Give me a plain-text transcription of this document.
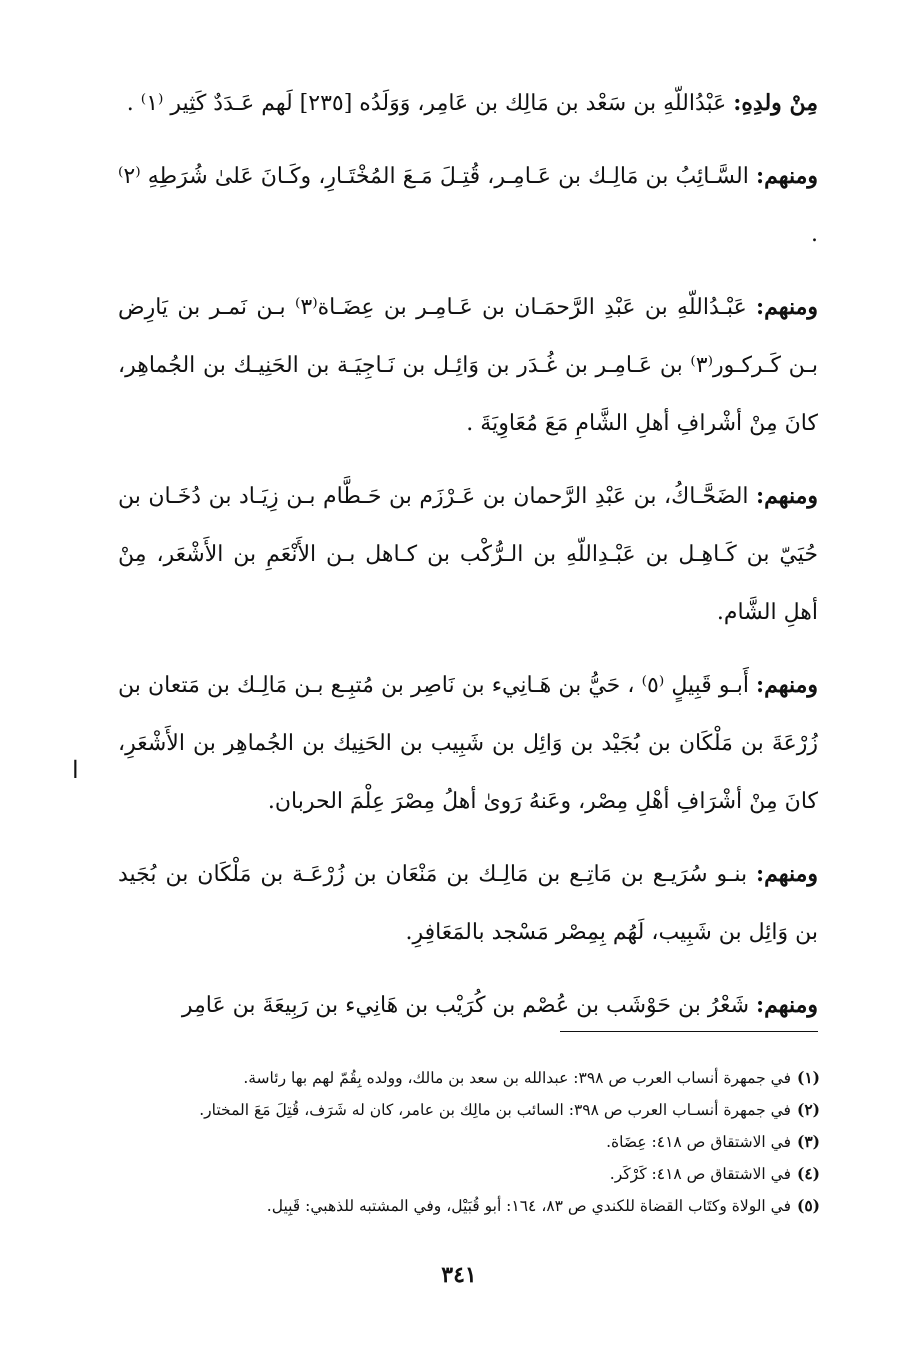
مِنْ ولدِهِ: عَبْدُاللّهِ بن سَعْد بن مَالِك بن عَامِر، وَوَلَدُه [٢٣٥] لَهم عَـدَدٌ كَثِير ⁽١⁾ .

ومنهم: السَّـائِبُ بن مَالِـك بن عَـامِـر، قُتِـلَ مَـعَ المُخْتَـارِ، وكَـانَ عَلىٰ شُرَطِهِ ⁽٢⁾ .

ومنهم: عَبْـدُاللّهِ بن عَبْدِ الرَّحمَـان بن عَـامِـر بن عِضَـاة⁽٣⁾ بـن نَمـر بن يَارِض بـن كَـركـور⁽٣⁾ بن عَـامِـر بن غُـدَر بن وَائِـل بن نَـاجِيَـة بن الحَنِيـك بن الجُماهِر، كانَ مِنْ أشْرافِ أهلِ الشَّامِ مَعَ مُعَاوِيَةَ .

ومنهم: الضَحَّـاكُ، بن عَبْدِ الرَّحمان بن عَـرْزَم بن حَـطَّام بـن زِيَـاد بن دُخَـان بن حُيَيّ بن كَـاهِـل بن عَبْـدِاللّهِ بن الـرُّكْب بن كـاهل بـن الأَنْعَمِ بن الأَشْعَر، مِنْ أهلِ الشَّام.

ومنهم: أَبـو قَبِيلٍ ⁽٥⁾ ، حَيُّ بن هَـانِيء بن نَاصِر بن مُتبِـع بـن مَالِـك بن مَتعان بن زُرْعَةَ بن مَلْكَان بن بُجَيْد بن وَائِل بن شَبِيب بن الحَنِيك بن الجُماهِر بن الأَشْعَرِ، كانَ مِنْ أشْرَافِ أهْلِ مِصْر، وعَنهُ رَوىٰ أهلُ مِصْرَ عِلْمَ الحربان.

ومنهم: بنـو سُرَيـع بن مَاتِـع بن مَالِـك بن مَنْعَان بن زُرْعَـة بن مَلْكَان بن بُجَيد بن وَائِل بن شَبِيب، لَهُم بِمِصْر مَسْجد بالمَعَافِرِ.

ومنهم: شَعْرُ بن حَوْشَب بن عُصْم بن كُرَيْب بن هَانِيء بن رَبِيعَةَ بن عَامِر

ا
(١)في جمهرة أنساب العرب ص ٣٩٨: عبدالله بن سعد بن مالك، وولده بِقُمّ لهم بها رئاسة.
(٢)في جمهرة أنسـاب العرب ص ٣٩٨: السائب بن مالِك بن عامر، كان له شَرَف، قُتِلَ مَعَ المختار.
(٣)في الاشتقاق ص ٤١٨: عِضَاة.
(٤)في الاشتقاق ص ٤١٨: كَرْكَر.
(٥)في الولاة وكتَاب القضاة للكندي ص ٨٣، ١٦٤: أبو قُبَيْل، وفي المشتبه للذهبي: قَبِيل.
٣٤١
